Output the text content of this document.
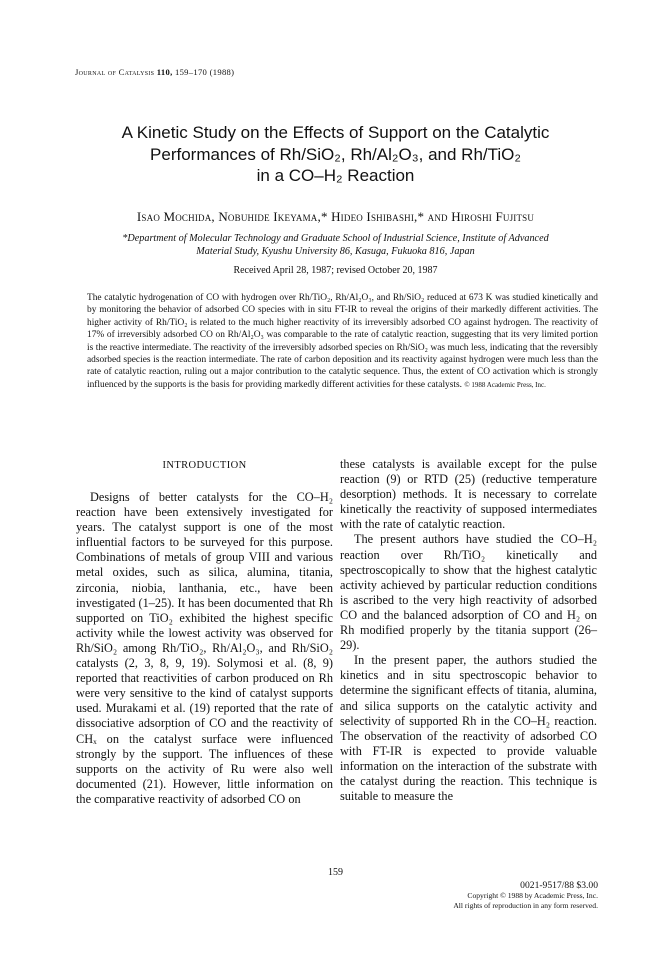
Journal of Catalysis 110, 159–170 (1988)
A Kinetic Study on the Effects of Support on the Catalytic
Performances of Rh/SiO₂, Rh/Al₂O₃, and Rh/TiO₂
in a CO–H₂ Reaction
Isao Mochida, Nobuhide Ikeyama,* Hideo Ishibashi,* and Hiroshi Fujitsu
*Department of Molecular Technology and Graduate School of Industrial Science, Institute of Advanced
Material Study, Kyushu University 86, Kasuga, Fukuoka 816, Japan
Received April 28, 1987; revised October 20, 1987
The catalytic hydrogenation of CO with hydrogen over Rh/TiO₂, Rh/Al₂O₃, and Rh/SiO₂ reduced at 673 K was studied kinetically and by monitoring the behavior of adsorbed CO species with in situ FT-IR to reveal the origins of their markedly different activities. The higher activity of Rh/TiO₂ is related to the much higher reactivity of its irreversibly adsorbed CO against hydrogen. The reactivity of 17% of irreversibly adsorbed CO on Rh/Al₂O₃ was comparable to the rate of catalytic reaction, suggesting that its very limited portion is the reactive intermediate. The reactivity of the irreversibly adsorbed species on Rh/SiO₂ was much less, indicating that the reversibly adsorbed species is the reaction intermediate. The rate of carbon deposition and its reactivity against hydrogen were much less than the rate of catalytic reaction, ruling out a major contribution to the catalytic sequence. Thus, the extent of CO activation which is strongly influenced by the supports is the basis for providing markedly different activities for these catalysts. © 1988 Academic Press, Inc.
INTRODUCTION

Designs of better catalysts for the CO–H₂ reaction have been extensively investigated for years. The catalyst support is one of the most influential factors to be surveyed for this purpose. Combinations of metals of group VIII and various metal oxides, such as silica, alumina, titania, zirconia, niobia, lanthania, etc., have been investigated (1–25). It has been documented that Rh supported on TiO₂ exhibited the highest specific activity while the lowest activity was observed for Rh/SiO₂ among Rh/TiO₂, Rh/Al₂O₃, and Rh/SiO₂ catalysts (2, 3, 8, 9, 19). Solymosi et al. (8, 9) reported that reactivities of carbon produced on Rh were very sensitive to the kind of catalyst supports used. Murakami et al. (19) reported that the rate of dissociative adsorption of CO and the reactivity of CHₓ on the catalyst surface were influenced strongly by the support. The influences of these supports on the activity of Ru were also well documented (21). However, little information on the comparative reactivity of adsorbed CO on

these catalysts is available except for the pulse reaction (9) or RTD (25) (reductive temperature desorption) methods. It is necessary to correlate kinetically the reactivity of supposed intermediates with the rate of catalytic reaction.

The present authors have studied the CO–H₂ reaction over Rh/TiO₂ kinetically and spectroscopically to show that the highest catalytic activity achieved by particular reduction conditions is ascribed to the very high reactivity of adsorbed CO and the balanced adsorption of CO and H₂ on Rh modified properly by the titania support (26–29).

In the present paper, the authors studied the kinetics and in situ spectroscopic behavior to determine the significant effects of titania, alumina, and silica supports on the catalytic activity and selectivity of supported Rh in the CO–H₂ reaction. The observation of the reactivity of adsorbed CO with FT-IR is expected to provide valuable information on the interaction of the substrate with the catalyst during the reaction. This technique is suitable to measure the

159
0021-9517/88 $3.00
Copyright © 1988 by Academic Press, Inc.
All rights of reproduction in any form reserved.
